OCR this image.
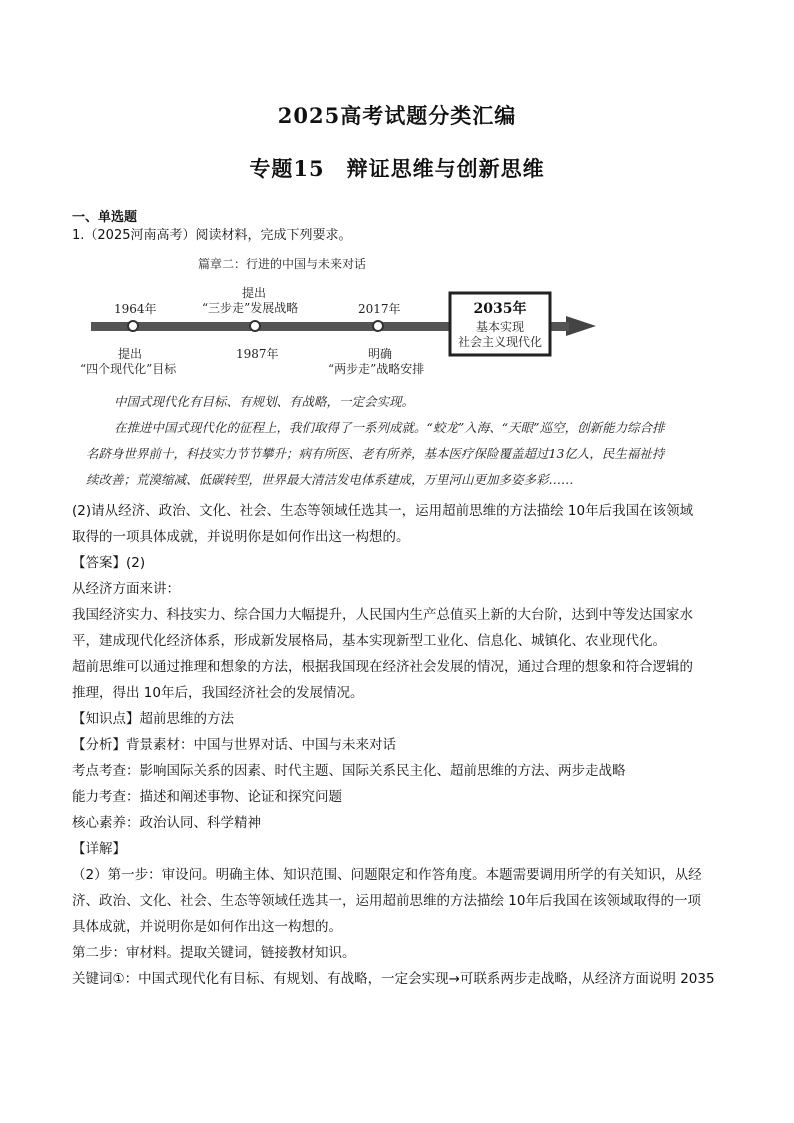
2025高考试题分类汇编
专题15　辩证思维与创新思维
一、单选题
1.（2025河南高考）阅读材料，完成下列要求。
篇章二：行进的中国与未来对话
1964年
提出
“四个现代化”目标
提出
“三步走”发展战略
1987年
2017年
明确
“两步走”战略安排
2035年
基本实现
社会主义现代化
中国式现代化有目标、有规划、有战略，一定会实现。
在推进中国式现代化的征程上，我们取得了一系列成就。“蛟龙”入海、“天眼”巡空，创新能力综合排
名跻身世界前十，科技实力节节攀升；病有所医、老有所养，基本医疗保险覆盖超过13亿人，民生福祉持
续改善；荒漠缩减、低碳转型，世界最大清洁发电体系建成，万里河山更加多姿多彩……
(2)请从经济、政治、文化、社会、生态等领域任选其一，运用超前思维的方法描绘 10年后我国在该领域
取得的一项具体成就，并说明你是如何作出这一构想的。
【答案】(2)
从经济方面来讲：
我国经济实力、科技实力、综合国力大幅提升，人民国内生产总值买上新的大台阶，达到中等发达国家水
平，建成现代化经济体系，形成新发展格局，基本实现新型工业化、信息化、城镇化、农业现代化。
超前思维可以通过推理和想象的方法，根据我国现在经济社会发展的情况，通过合理的想象和符合逻辑的
推理，得出 10年后，我国经济社会的发展情况。
【知识点】超前思维的方法
【分析】背景素材：中国与世界对话、中国与未来对话
考点考查：影响国际关系的因素、时代主题、国际关系民主化、超前思维的方法、两步走战略
能力考查：描述和阐述事物、论证和探究问题
核心素养：政治认同、科学精神
【详解】
（2）第一步：审设问。明确主体、知识范围、问题限定和作答角度。本题需要调用所学的有关知识，从经
济、政治、文化、社会、生态等领域任选其一，运用超前思维的方法描绘 10年后我国在该领域取得的一项
具体成就，并说明你是如何作出这一构想的。
第二步：审材料。提取关键词，链接教材知识。
关键词①：中国式现代化有目标、有规划、有战略，一定会实现→可联系两步走战略，从经济方面说明 2035
